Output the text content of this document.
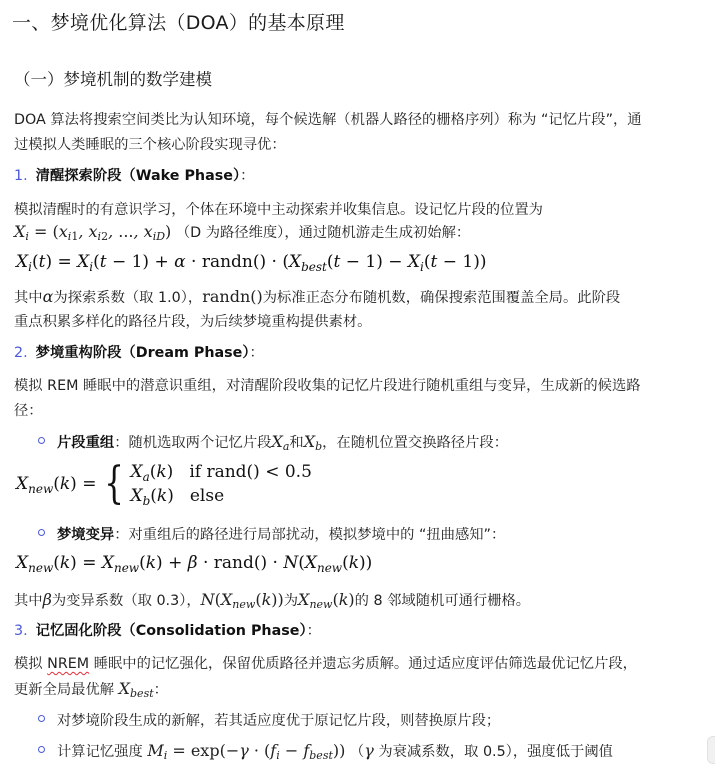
一、梦境优化算法（DOA）的基本原理
（一）梦境机制的数学建模
DOA 算法将搜索空间类比为认知环境，每个候选解（机器人路径的栅格序列）称为 “记忆片段”，通
过模拟人类睡眠的三个核心阶段实现寻优：
1. 清醒探索阶段（Wake Phase）：
模拟清醒时的有意识学习，个体在环境中主动探索并收集信息。设记忆片段的位置为
$X_i = (x_{i1}$, $x_{i2}$, ..., $x_{iD}$) （D 为路径维度），通过随机游走生成初始解：
$X_i(t) = X_i(t - 1) + \alpha$ · randn() · $(X_{best}(t - 1) - X_i(t - 1))$
其中α为探索系数（取 1.0），randn()为标准正态分布随机数，确保搜索范围覆盖全局。此阶段
重点积累多样化的路径片段，为后续梦境重构提供素材。
2. 梦境重构阶段（Dream Phase）：
模拟 REM 睡眠中的潜意识重组，对清醒阶段收集的记忆片段进行随机重组与变异，生成新的候选路
径：
片段重组：随机选取两个记忆片段$X_a$和$X_b$，在随机位置交换路径片段：
$X_{new}(k)$ = { $X_a(k)$ if rand() < 0.5
$X_b(k)$ else
梦境变异：对重组后的路径进行局部扰动，模拟梦境中的 “扭曲感知”：
$X_{new}(k) = X_{new}(k) + \beta$ · rand() · $N(X_{new}(k))$
其中β为变异系数（取 0.3），$N(X_{new}(k))$为$X_{new}(k)$的 8 邻域随机可通行栅格。
3. 记忆固化阶段（Consolidation Phase）：
模拟 NREM 睡眠中的记忆强化，保留优质路径并遗忘劣质解。通过适应度评估筛选最优记忆片段，
更新全局最优解 $X_{best}$：
对梦境阶段生成的新解，若其适应度优于原记忆片段，则替换原片段；
计算记忆强度 $M_i = \exp(-\gamma \cdot (f_i - f_{best}))$ （γ 为衰减系数，取 0.5），强度低于阈值
